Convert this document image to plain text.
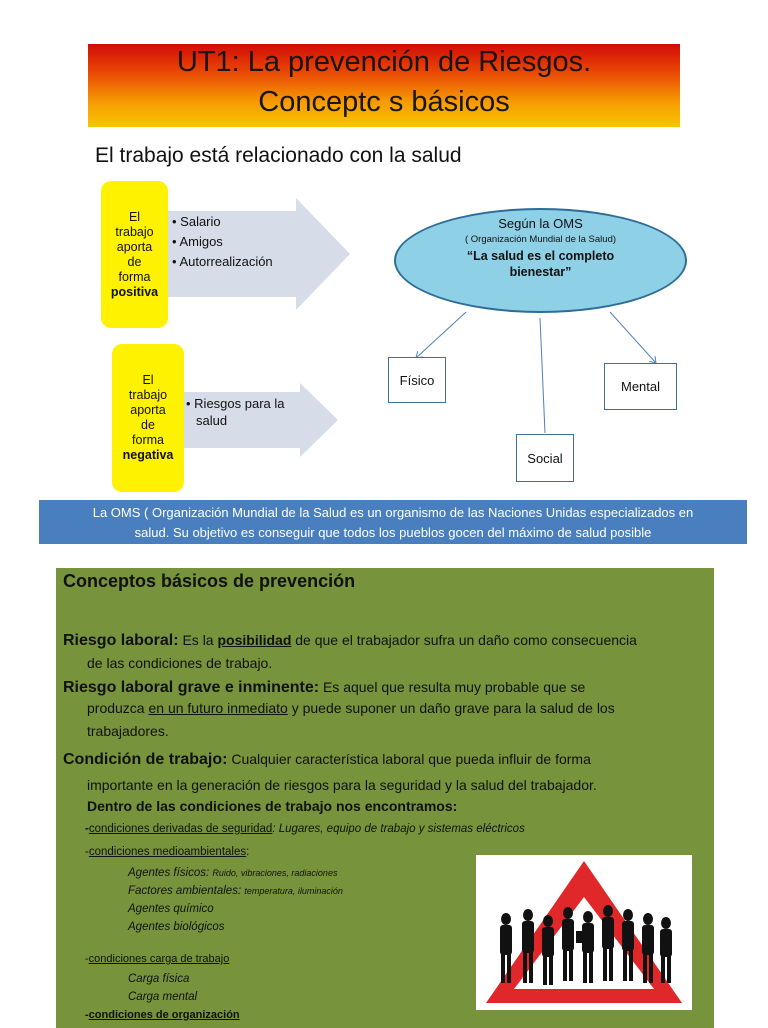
UT1: La prevención de Riesgos.
Conceptc s básicos
El trabajo está relacionado con la salud
El
trabajo
aporta
de
forma
positiva
• Salario
• Amigos
• Autorrealización
El
trabajo
aporta
de
forma
negativa
• Riesgos para la
salud
Según la OMS
( Organización Mundial de la Salud)
“La salud es el completo
bienestar”
Físico	Mental
Social
La OMS ( Organización Mundial de la Salud es un organismo de las Naciones Unidas especializados en
salud. Su objetivo es conseguir que todos los pueblos gocen del máximo de salud posible
Conceptos básicos de prevención
Riesgo laboral: Es la posibilidad de que el trabajador sufra un daño como consecuencia
de las condiciones de trabajo.
Riesgo laboral grave e inminente: Es aquel que resulta muy probable que se
produzca en un futuro inmediato y puede suponer un daño grave para la salud de los
trabajadores.
Condición de trabajo: Cualquier característica laboral que pueda influir de forma
importante en la generación de riesgos para la seguridad y la salud del trabajador.
Dentro de las condiciones de trabajo nos encontramos:
-condiciones derivadas de seguridad: Lugares, equipo de trabajo y sistemas eléctricos
-condiciones medioambientales:
Agentes físicos: Ruido, vibraciones, radiaciones
Factores ambientales: temperatura, iluminación
Agentes químico
Agentes biológicos
-condiciones carga de trabajo
Carga física
Carga mental
-condiciones de organización
